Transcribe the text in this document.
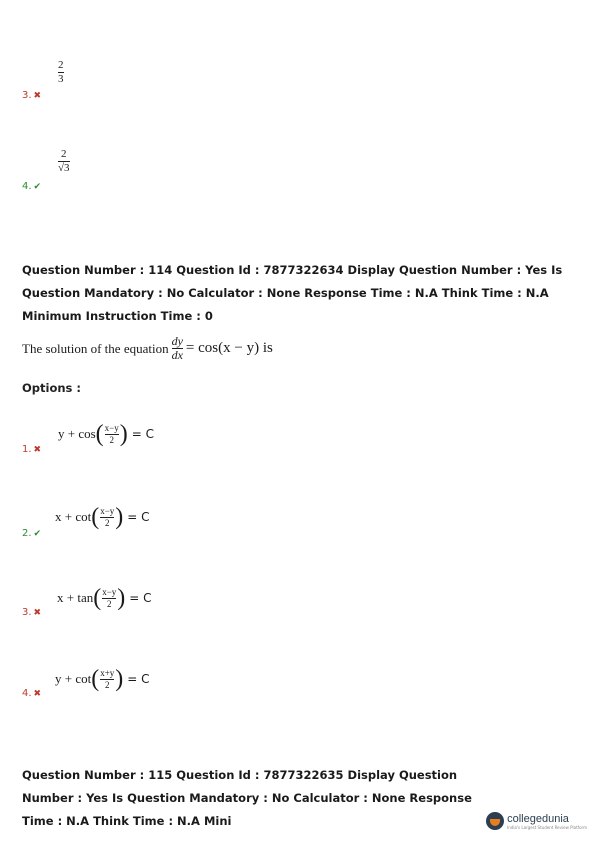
2
3
3. ✖
2
√3
4. ✔
Question Number : 114 Question Id : 7877322634 Display Question Number : Yes Is Question Mandatory : No Calculator : None Response Time : N.A Think Time : N.A Minimum Instruction Time : 0
The solution of the equation dy
dx = cos(x − y) is
Options :
y + cos ( x−y
2 ) = C
1. ✖
x + cot ( x−y
2 ) = C
2. ✔
x + tan ( x−y
2 ) = C
3. ✖
y + cot ( x+y
2 ) = C
4. ✖
Question Number : 115 Question Id : 7877322635 Display Question Number : Yes Is Question Mandatory : No Calculator : None Response Time : N.A Think Time : N.A Mini	collegedunia
India's Largest Student Review Platform
